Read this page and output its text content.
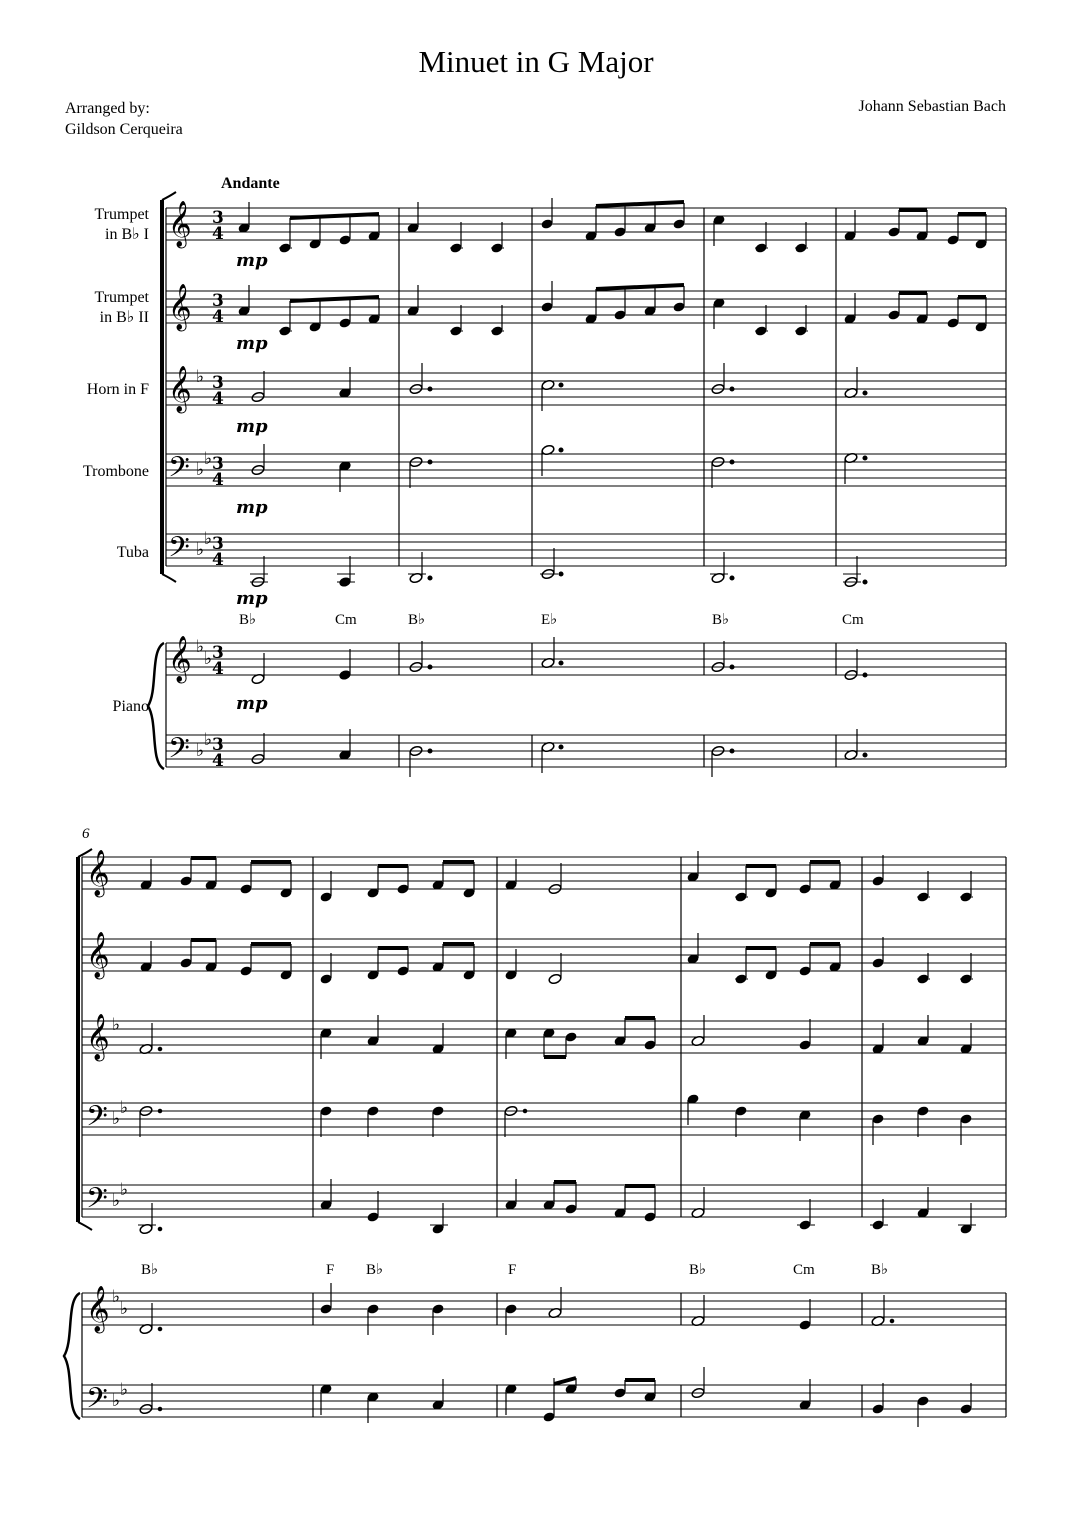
Minuet in G Major
Arranged by:
Gildson Cerqueira
Johann Sebastian Bach
Andante
Trumpet
in B♭ I
Trumpet
in B♭ II
Horn in F
Trombone
Tuba
Piano
𝄞
𝄞
𝄞
𝄢
𝄢
𝄞
𝄢
♭
♭
♭
♭
♭
♭
♭
♭
♭
3
4
3
4
3
4
3
4
3
4
3
4
3
4
mp
mp
mp
mp
mp
mp
B♭	Cm	B♭	E♭	B♭	Cm
6
𝄞
𝄞
𝄞
𝄢
𝄢
𝄞
𝄢
♭
♭
♭
♭
♭
♭
♭
♭
♭
B♭	F B♭	F	B♭	Cm	B♭
